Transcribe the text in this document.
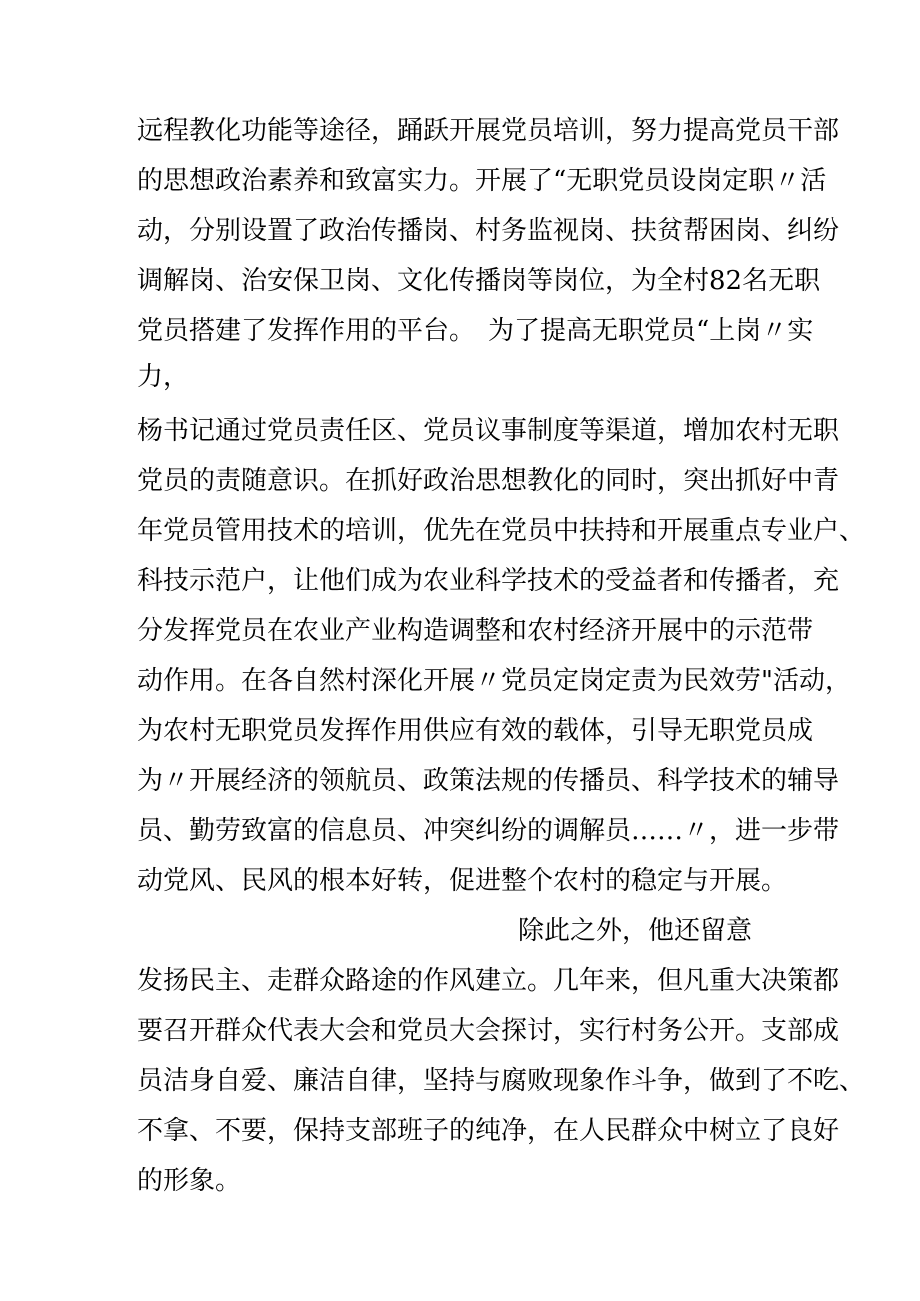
远程教化功能等途径，踊跃开展党员培训，努力提高党员干部

的思想政治素养和致富实力。开展了“无职党员设岗定职〃活

动，分别设置了政治传播岗、村务监视岗、扶贫帮困岗、纠纷

调解岗、治安保卫岗、文化传播岗等岗位，为全村82名无职

党员搭建了发挥作用的平台。　为了提高无职党员“上岗〃实

力，

杨书记通过党员责任区、党员议事制度等渠道，增加农村无职

党员的责随意识。在抓好政治思想教化的同时，突出抓好中青

年党员管用技术的培训，优先在党员中扶持和开展重点专业户、

科技示范户，让他们成为农业科学技术的受益者和传播者，充

分发挥党员在农业产业构造调整和农村经济开展中的示范带

动作用。在各自然村深化开展〃党员定岗定责为民效劳"活动，

为农村无职党员发挥作用供应有效的载体，引导无职党员成

为〃开展经济的领航员、政策法规的传播员、科学技术的辅导

员、勤劳致富的信息员、冲突纠纷的调解员……〃，进一步带

动党风、民风的根本好转，促进整个农村的稳定与开展。

除此之外，他还留意

发扬民主、走群众路途的作风建立。几年来，但凡重大决策都

要召开群众代表大会和党员大会探讨，实行村务公开。支部成

员洁身自爱、廉洁自律，坚持与腐败现象作斗争，做到了不吃、

不拿、不要，保持支部班子的纯净，在人民群众中树立了良好

的形象。
